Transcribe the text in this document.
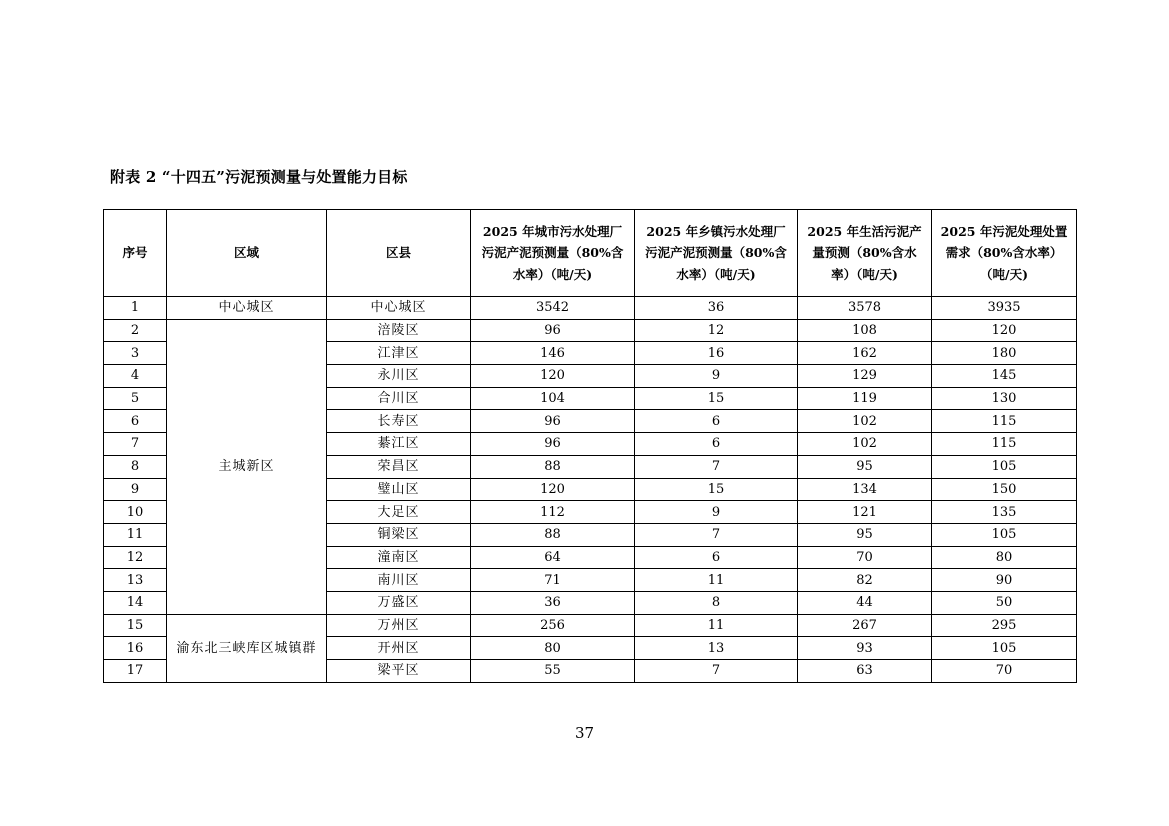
附表 2 “十四五”污泥预测量与处置能力目标
序号	区域	区县	2025 年城市污水处理厂污泥产泥预测量（80%含水率）（吨/天)	2025 年乡镇污水处理厂污泥产泥预测量（80%含水率）（吨/天)	2025 年生活污泥产量预测（80%含水率）（吨/天)	2025 年污泥处理处置需求（80%含水率）（吨/天)

1	中心城区	中心城区	3542	36	3578	3935
2	主城新区	涪陵区	96	12	108	120
3		江津区	146	16	162	180
4		永川区	120	9	129	145
5		合川区	104	15	119	130
6		长寿区	96	6	102	115
7		綦江区	96	6	102	115
8		荣昌区	88	7	95	105
9		璧山区	120	15	134	150
10		大足区	112	9	121	135
11		铜梁区	88	7	95	105
12		潼南区	64	6	70	80
13		南川区	71	11	82	90
14		万盛区	36	8	44	50
15	渝东北三峡库区城镇群	万州区	256	11	267	295
16		开州区	80	13	93	105
17		梁平区	55	7	63	70
37
